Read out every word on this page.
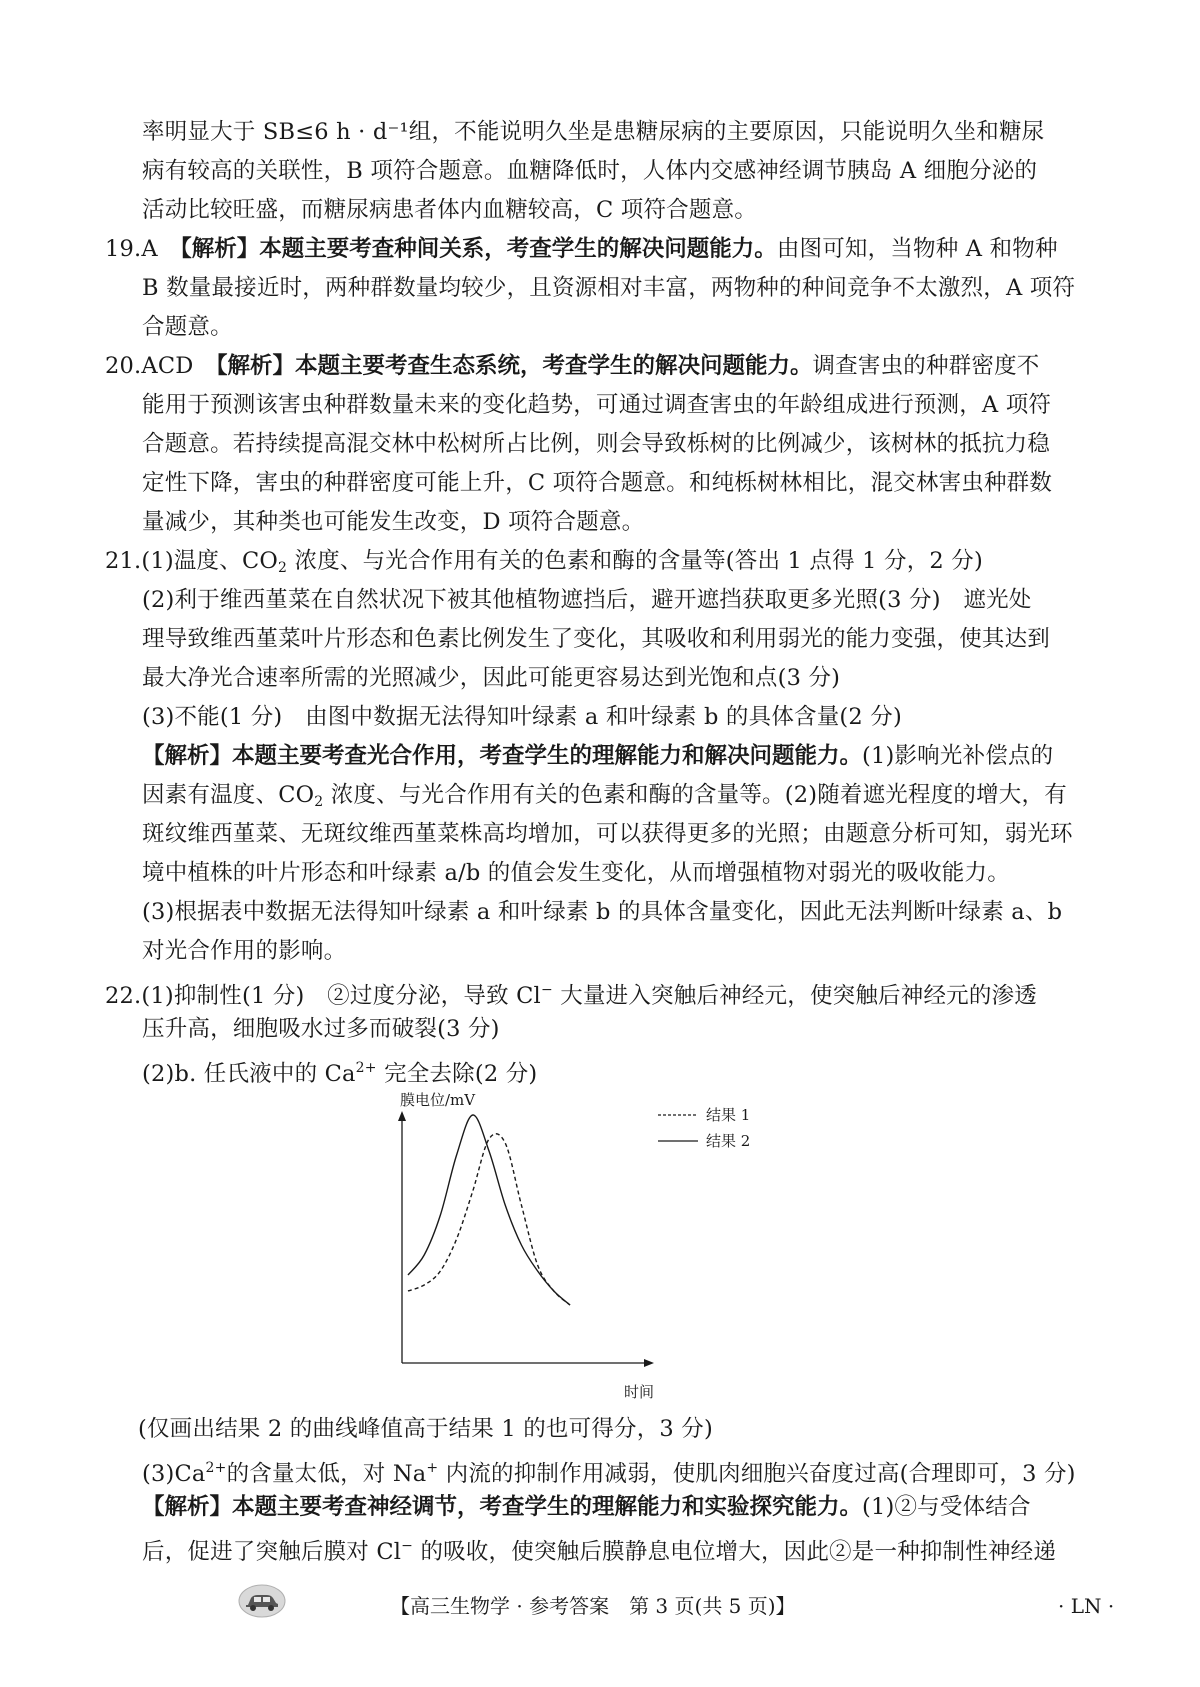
率明显大于 SB≤6 h · d⁻¹组，不能说明久坐是患糖尿病的主要原因，只能说明久坐和糖尿
病有较高的关联性，B 项符合题意。血糖降低时，人体内交感神经调节胰岛 A 细胞分泌的
活动比较旺盛，而糖尿病患者体内血糖较高，C 项符合题意。
19.A　 【解析】本题主要考查种间关系，考查学生的解决问题能力。由图可知，当物种 A 和物种
B 数量最接近时，两种群数量均较少，且资源相对丰富，两物种的种间竞争不太激烈，A 项符
合题意。
20.ACD　 【解析】本题主要考查生态系统，考查学生的解决问题能力。调查害虫的种群密度不
能用于预测该害虫种群数量未来的变化趋势，可通过调查害虫的年龄组成进行预测，A 项符
合题意。若持续提高混交林中松树所占比例，则会导致栎树的比例减少，该树林的抵抗力稳
定性下降，害虫的种群密度可能上升，C 项符合题意。和纯栎树林相比，混交林害虫种群数
量减少，其种类也可能发生改变，D 项符合题意。
21.(1)温度、$CO_2$ 浓度、与光合作用有关的色素和酶的含量等(答出 1 点得 1 分，2 分)
(2)利于维西堇菜在自然状况下被其他植物遮挡后，避开遮挡获取更多光照(3 分)　遮光处
理导致维西堇菜叶片形态和色素比例发生了变化，其吸收和利用弱光的能力变强，使其达到
最大净光合速率所需的光照减少，因此可能更容易达到光饱和点(3 分)
(3)不能(1 分)　由图中数据无法得知叶绿素 a 和叶绿素 b 的具体含量(2 分)
【解析】本题主要考查光合作用，考查学生的理解能力和解决问题能力。(1)影响光补偿点的
因素有温度、$CO_2$ 浓度、与光合作用有关的色素和酶的含量等。(2)随着遮光程度的增大，有
斑纹维西堇菜、无斑纹维西堇菜株高均增加，可以获得更多的光照；由题意分析可知，弱光环
境中植株的叶片形态和叶绿素 a/b 的值会发生变化，从而增强植物对弱光的吸收能力。
(3)根据表中数据无法得知叶绿素 a 和叶绿素 b 的具体含量变化，因此无法判断叶绿素 a、b
对光合作用的影响。
22.(1)抑制性(1 分)　②过度分泌，导致 Cl− 大量进入突触后神经元，使突触后神经元的渗透
压升高，细胞吸水过多而破裂(3 分)
(2)b. 任氏液中的 $Ca^{2+}$ 完全去除(2 分)
膜电位/mV
时间
结果 1
结果 2
(仅画出结果 2 的曲线峰值高于结果 1 的也可得分，3 分)
$(3)Ca^{2+}$的含量太低，对 Na+ 内流的抑制作用减弱，使肌肉细胞兴奋度过高(合理即可，3 分)
【解析】本题主要考查神经调节，考查学生的理解能力和实验探究能力。(1)②与受体结合
后，促进了突触后膜对 Cl− 的吸收，使突触后膜静息电位增大，因此②是一种抑制性神经递
【高三生物学 · 参考答案　第 3 页(共 5 页)】	· LN ·
